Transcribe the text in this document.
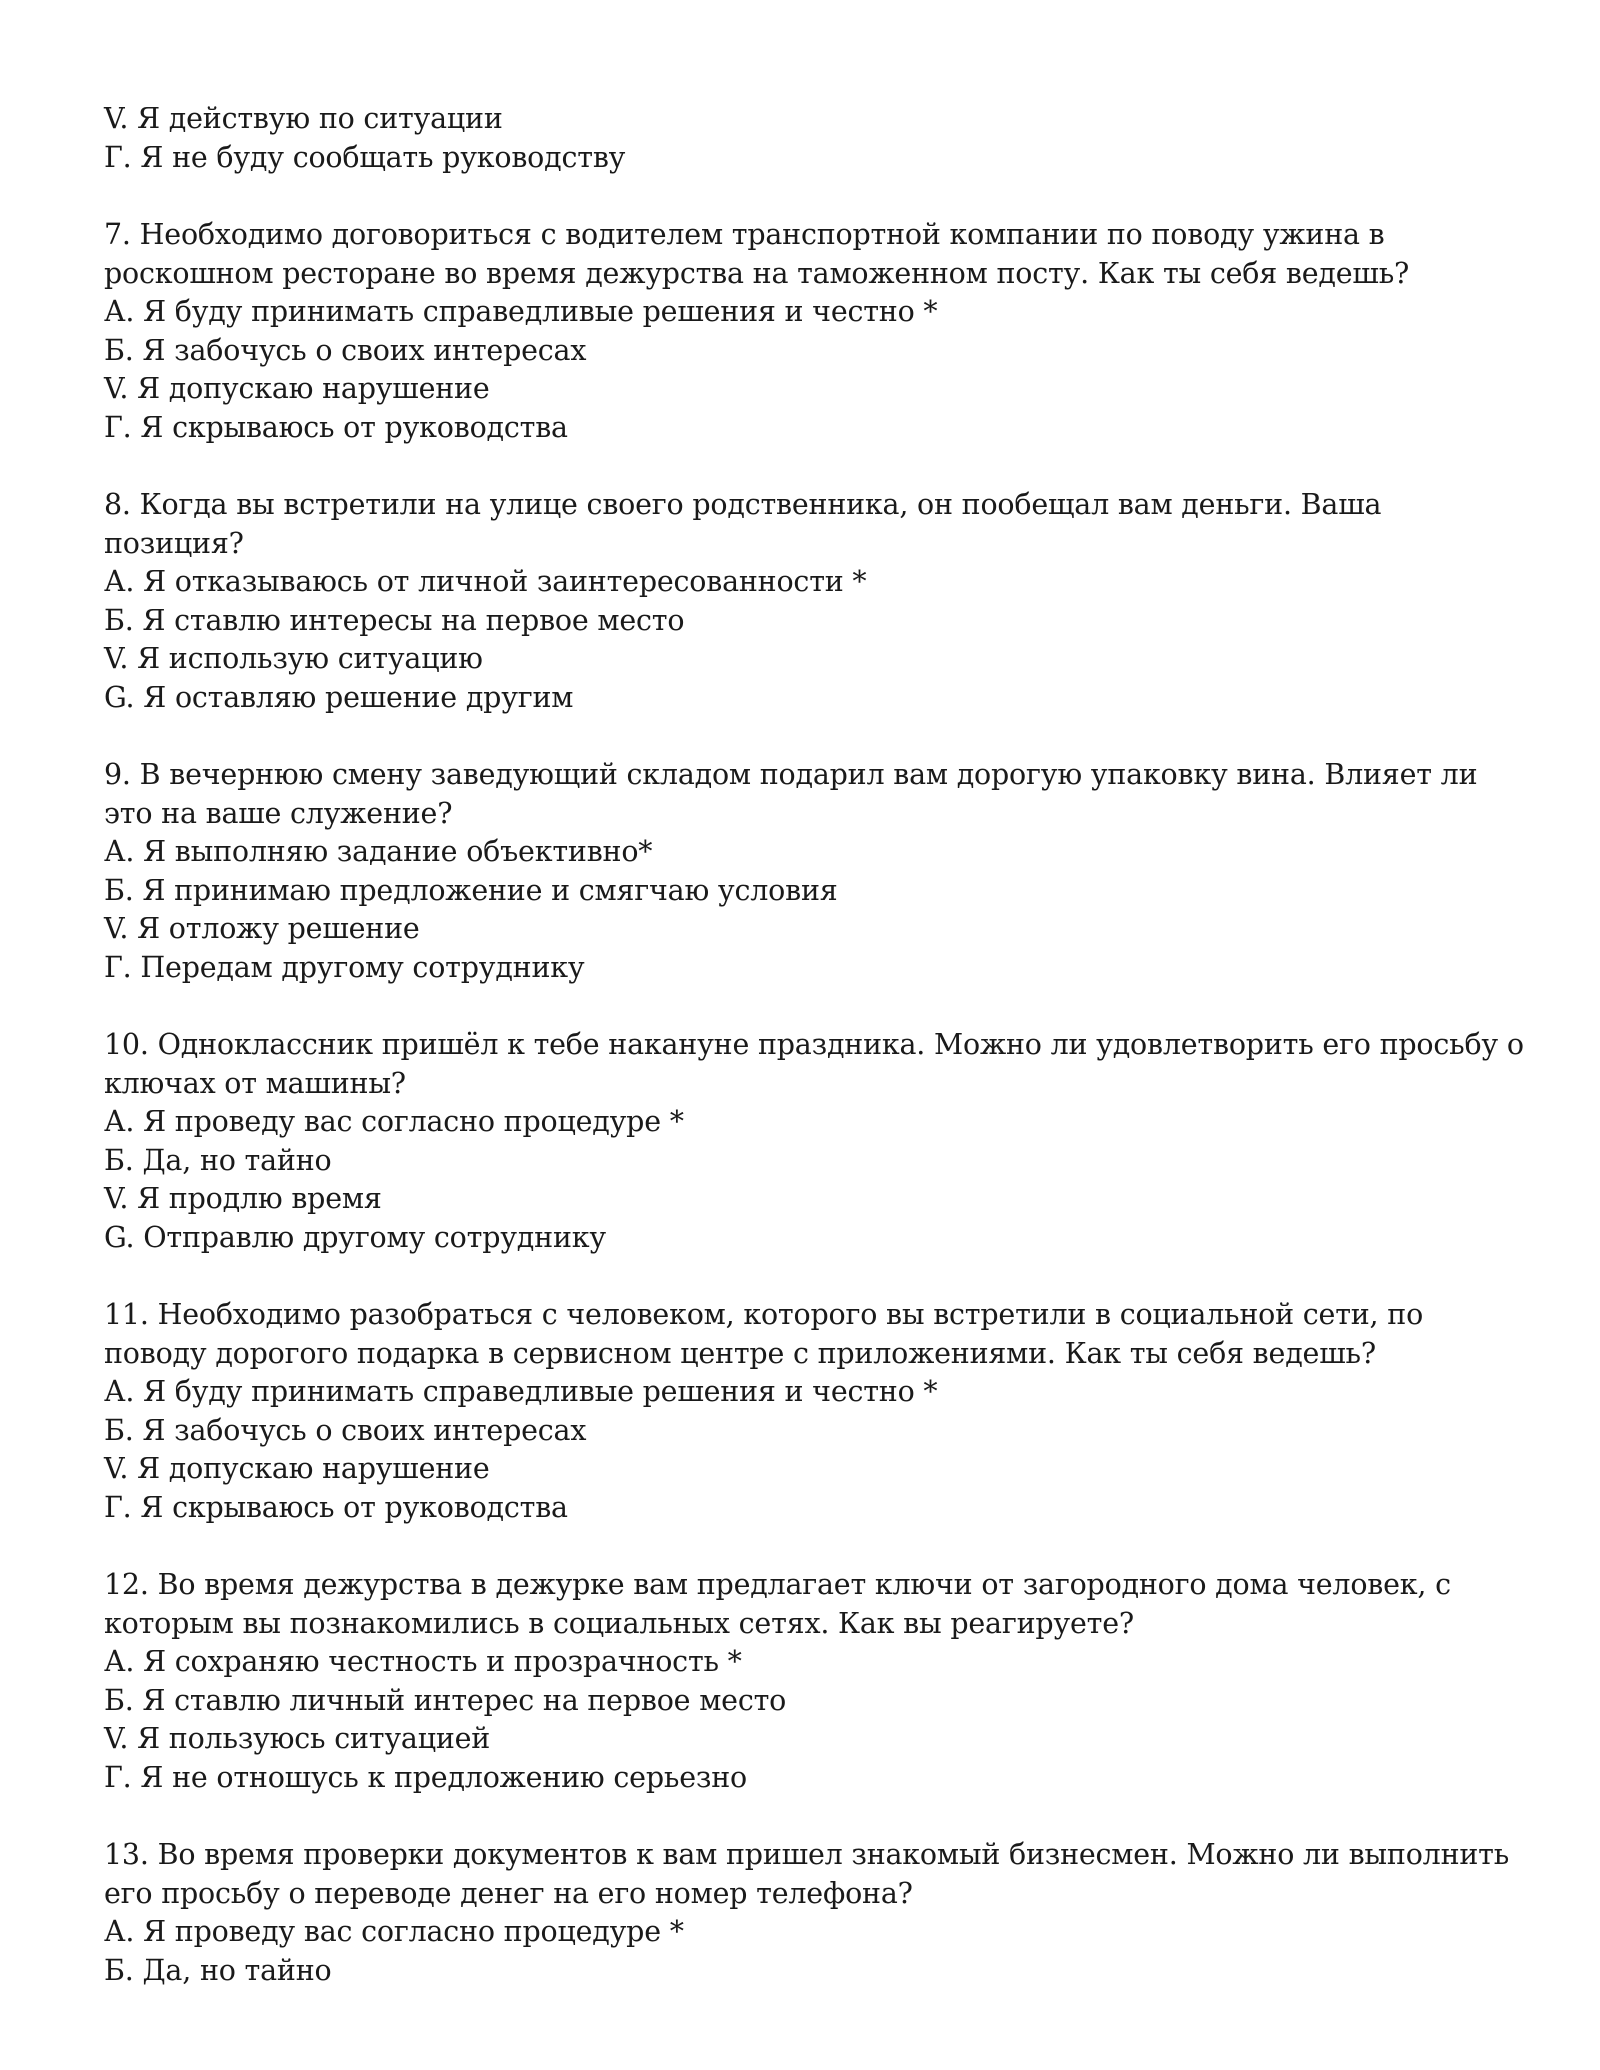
V. Я действую по ситуации
Г. Я не буду сообщать руководству
7. Необходимо договориться с водителем транспортной компании по поводу ужина в роскошном ресторане во время дежурства на таможенном посту. Как ты себя ведешь?
А. Я буду принимать справедливые решения и честно *
Б. Я забочусь о своих интересах
V. Я допускаю нарушение
Г. Я скрываюсь от руководства
8. Когда вы встретили на улице своего родственника, он пообещал вам деньги. Ваша позиция?
А. Я отказываюсь от личной заинтересованности *
Б. Я ставлю интересы на первое место
V. Я использую ситуацию
G. Я оставляю решение другим
9. В вечернюю смену заведующий складом подарил вам дорогую упаковку вина. Влияет ли это на ваше служение?
А. Я выполняю задание объективно*
Б. Я принимаю предложение и смягчаю условия
V. Я отложу решение
Г. Передам другому сотруднику
10. Одноклассник пришёл к тебе накануне праздника. Можно ли удовлетворить его просьбу о ключах от машины?
А. Я проведу вас согласно процедуре *
Б. Да, но тайно
V. Я продлю время
G. Отправлю другому сотруднику
11. Необходимо разобраться с человеком, которого вы встретили в социальной сети, по поводу дорогого подарка в сервисном центре с приложениями. Как ты себя ведешь?
А. Я буду принимать справедливые решения и честно *
Б. Я забочусь о своих интересах
V. Я допускаю нарушение
Г. Я скрываюсь от руководства
12. Во время дежурства в дежурке вам предлагает ключи от загородного дома человек, с которым вы познакомились в социальных сетях. Как вы реагируете?
А. Я сохраняю честность и прозрачность *
Б. Я ставлю личный интерес на первое место
V. Я пользуюсь ситуацией
Г. Я не отношусь к предложению серьезно
13. Во время проверки документов к вам пришел знакомый бизнесмен. Можно ли выполнить его просьбу о переводе денег на его номер телефона?
А. Я проведу вас согласно процедуре *
Б. Да, но тайно
